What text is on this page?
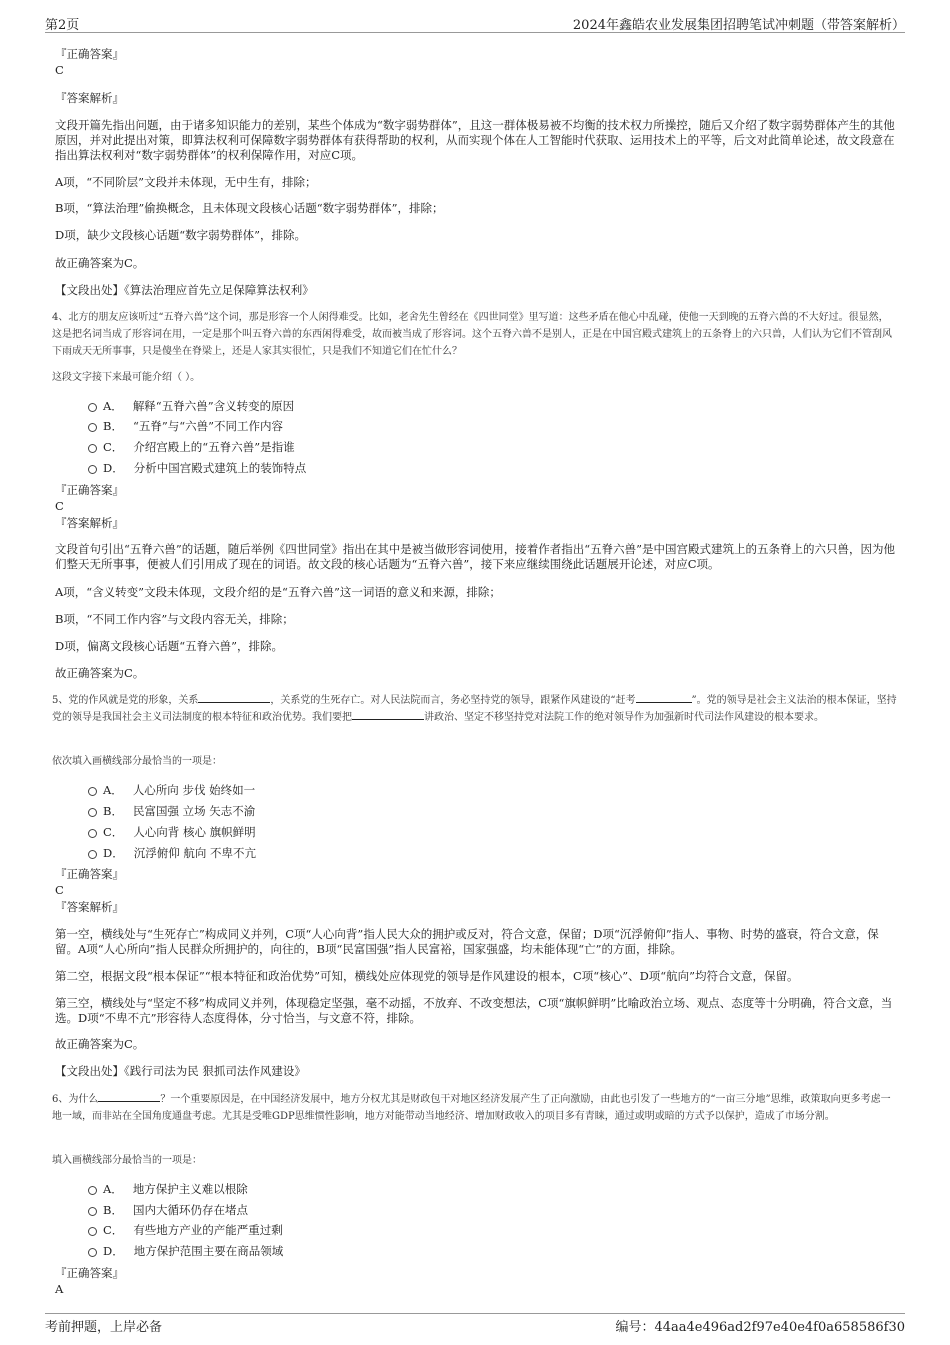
第2页	2024年鑫皓农业发展集团招聘笔试冲刺题（带答案解析）
『正确答案』
C
『答案解析』
文段开篇先指出问题，由于诸多知识能力的差别，某些个体成为“数字弱势群体”，且这一群体极易被不均衡的技术权力所操控，随后又介绍了数字弱势群体产生的其他原因，并对此提出对策，即算法权利可保障数字弱势群体有获得帮助的权利，从而实现个体在人工智能时代获取、运用技术上的平等，后文对此简单论述，故文段意在指出算法权利对“数字弱势群体”的权利保障作用，对应C项。
A项，“不同阶层”文段并未体现，无中生有，排除；
B项，“算法治理”偷换概念，且未体现文段核心话题“数字弱势群体”，排除；
D项，缺少文段核心话题“数字弱势群体”，排除。
故正确答案为C。
【文段出处】《算法治理应首先立足保障算法权利》
4、北方的朋友应该听过“五脊六兽”这个词，那是形容一个人闲得难受。比如，老舍先生曾经在《四世同堂》里写道：这些矛盾在他心中乱碰，使他一天到晚的五脊六兽的不大好过。很显然，这是把名词当成了形容词在用，一定是那个叫五脊六兽的东西闲得难受，故而被当成了形容词。这个五脊六兽不是别人，正是在中国宫殿式建筑上的五条脊上的六只兽，人们认为它们不管刮风下雨成天无所事事，只是傻坐在脊梁上，还是人家其实很忙，只是我们不知道它们在忙什么？
这段文字接下来最可能介绍（ ）。
A． 解释“五脊六兽”含义转变的原因
B． “五脊”与“六兽”不同工作内容
C． 介绍宫殿上的“五脊六兽”是指谁
D． 分析中国宫殿式建筑上的装饰特点
『正确答案』
C
『答案解析』
文段首句引出“五脊六兽”的话题，随后举例《四世同堂》指出在其中是被当做形容词使用，接着作者指出“五脊六兽”是中国宫殿式建筑上的五条脊上的六只兽，因为他们整天无所事事，便被人们引用成了现在的词语。故文段的核心话题为“五脊六兽”，接下来应继续围绕此话题展开论述，对应C项。
A项，“含义转变”文段未体现，文段介绍的是“五脊六兽”这一词语的意义和来源，排除；
B项，“不同工作内容”与文段内容无关，排除；
D项，偏离文段核心话题“五脊六兽”，排除。
故正确答案为C。
5、党的作风就是党的形象，关系	，关系党的生死存亡。对人民法院而言，务必坚持党的领导，跟紧作风建设的“赶考	”。党的领导是社会主义法治的根本保证，坚持党的领导是我国社会主义司法制度的根本特征和政治优势。我们要把	讲政治、坚定不移坚持党对法院工作的绝对领导作为加强新时代司法作风建设的根本要求。
依次填入画横线部分最恰当的一项是：
A． 人心所向 步伐 始终如一
B． 民富国强 立场 矢志不渝
C． 人心向背 核心 旗帜鲜明
D． 沉浮俯仰 航向 不卑不亢
『正确答案』
C
『答案解析』
第一空，横线处与“生死存亡”构成同义并列，C项“人心向背”指人民大众的拥护或反对，符合文意，保留；D项“沉浮俯仰”指人、事物、时势的盛衰，符合文意，保留。A项“人心所向”指人民群众所拥护的，向往的，B项“民富国强”指人民富裕，国家强盛，均未能体现“亡”的方面，排除。
第二空，根据文段“根本保证”“根本特征和政治优势”可知，横线处应体现党的领导是作风建设的根本，C项“核心”、D项“航向”均符合文意，保留。
第三空，横线处与“坚定不移”构成同义并列，体现稳定坚强，毫不动摇，不放弃、不改变想法，C项“旗帜鲜明”比喻政治立场、观点、态度等十分明确，符合文意，当选。D项“不卑不亢”形容待人态度得体，分寸恰当，与文意不符，排除。
故正确答案为C。
【文段出处】《践行司法为民 狠抓司法作风建设》
6、为什么	？一个重要原因是，在中国经济发展中，地方分权尤其是财政包干对地区经济发展产生了正向激励，由此也引发了一些地方的“一亩三分地”思维，政策取向更多考虑一地一域，而非站在全国角度通盘考虑。尤其是受唯GDP思维惯性影响，地方对能带动当地经济、增加财政收入的项目多有青睐，通过或明或暗的方式予以保护，造成了市场分割。
填入画横线部分最恰当的一项是：
A． 地方保护主义难以根除
B． 国内大循环仍存在堵点
C． 有些地方产业的产能严重过剩
D． 地方保护范围主要在商品领域
『正确答案』
A
考前押题，上岸必备	编号：44aa4e496ad2f97e40e4f0a658586f30
